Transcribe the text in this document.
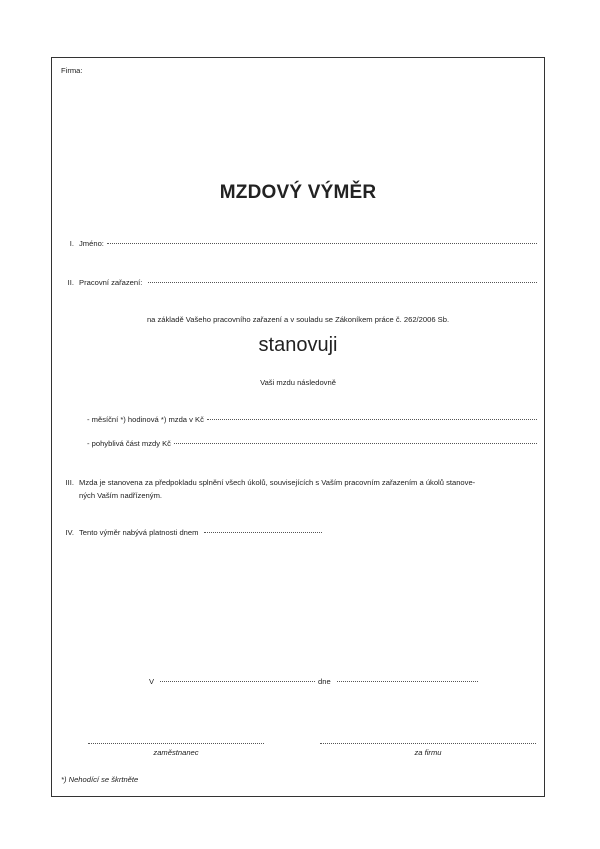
Firma:
MZDOVÝ VÝMĚR
I. Jméno:
II. Pracovní zařazení:
na základě Vašeho pracovního zařazení a v souladu se Zákoníkem práce č. 262/2006 Sb.
stanovuji
Vaši mzdu následovně
- měsíční *) hodinová *) mzda v Kč
- pohyblivá část mzdy Kč
III. Mzda je stanovena za předpokladu splnění všech úkolů, souvisejících s Vaším pracovním zařazením a úkolů stanove-
ných Vaším nadřízeným.
IV. Tento výměr nabývá platnosti dnem
V	dne
zaměstnanec	za firmu
*) Nehodící se škrtněte
